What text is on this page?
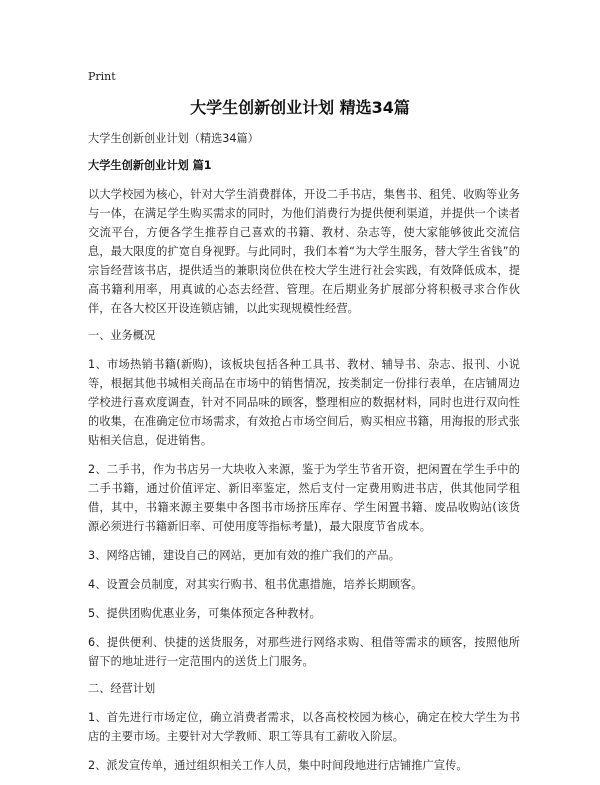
Print
大学生创新创业计划 精选34篇

大学生创新创业计划（精选34篇）

大学生创新创业计划 篇1

以大学校园为核心，针对大学生消费群体，开设二手书店，集售书、租凭、收购等业务与一体，在满足学生购买需求的同时，为他们消费行为提供便利渠道，并提供一个读者交流平台，方便各学生推荐自己喜欢的书籍、教材、杂志等，使大家能够彼此交流信息，最大限度的扩宽自身视野。与此同时，我们本着“为大学生服务，替大学生省钱”的宗旨经营该书店，提供适当的兼职岗位供在校大学生进行社会实践，有效降低成本，提高书籍利用率，用真诚的心态去经营、管理。在后期业务扩展部分将积极寻求合作伙伴，在各大校区开设连锁店铺，以此实现规模性经营。

一、业务概况

1、市场热销书籍(新购)，该板块包括各种工具书、教材、辅导书、杂志、报刊、小说等，根据其他书城相关商品在市场中的销售情况，按类制定一份排行表单，在店铺周边学校进行喜欢度调查，针对不同品味的顾客，整理相应的数据材料，同时也进行双向性的收集，在准确定位市场需求，有效抢占市场空间后，购买相应书籍，用海报的形式张贴相关信息，促进销售。

2、二手书，作为书店另一大块收入来源，鉴于为学生节省开资，把闲置在学生手中的二手书籍，通过价值评定、新旧率鉴定，然后支付一定费用购进书店，供其他同学租借，其中，书籍来源主要集中各图书市场挤压库存、学生闲置书籍、废品收购站(该货源必须进行书籍新旧率、可使用度等指标考量)，最大限度节省成本。

3、网络店铺，建设自己的网站，更加有效的推广我们的产品。

4、设置会员制度，对其实行购书、租书优惠措施，培养长期顾客。

5、提供团购优惠业务，可集体预定各种教材。

6、提供便利、快捷的送货服务，对那些进行网络求购、租借等需求的顾客，按照他所留下的地址进行一定范围内的送货上门服务。

二、经营计划

1、首先进行市场定位，确立消费者需求，以各高校校园为核心，确定在校大学生为书店的主要市场。主要针对大学教师、职工等具有工薪收入阶层。

2、派发宣传单，通过组织相关工作人员，集中时间段地进行店铺推广宣传。
